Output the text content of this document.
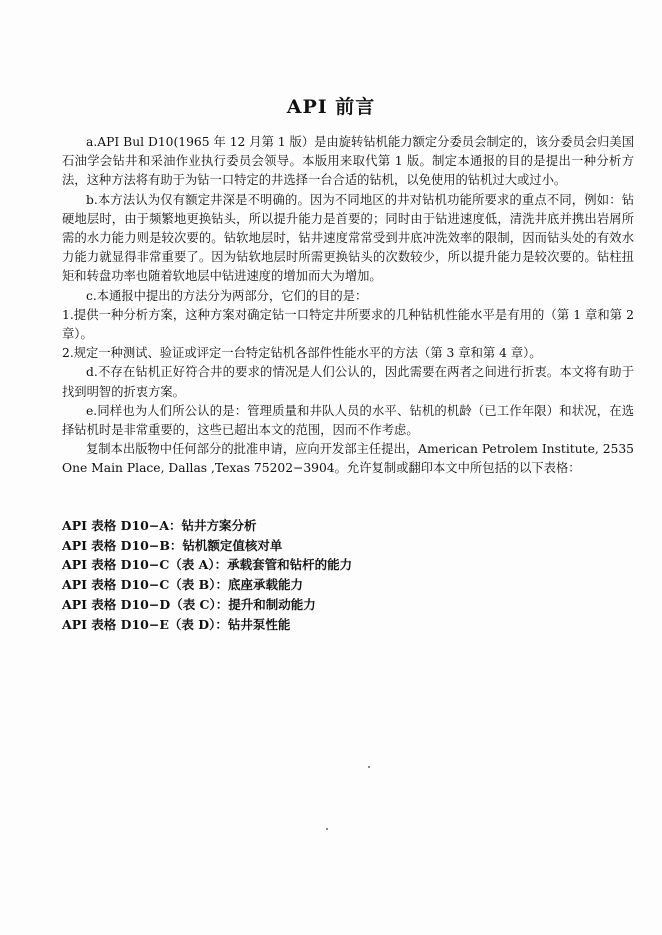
API 前言

a.API Bul D10(1965 年 12 月第 1 版）是由旋转钻机能力额定分委员会制定的，该分委员会归美国石油学会钻井和采油作业执行委员会领导。本版用来取代第 1 版。制定本通报的目的是提出一种分析方法，这种方法将有助于为钻一口特定的井选择一台合适的钻机，以免使用的钻机过大或过小。

b.本方法认为仅有额定井深是不明确的。因为不同地区的井对钻机功能所要求的重点不同，例如：钻硬地层时，由于频繁地更换钻头，所以提升能力是首要的；同时由于钻进速度低，清洗井底并携出岩屑所需的水力能力则是较次要的。钻软地层时，钻井速度常常受到井底冲洗效率的限制，因而钻头处的有效水力能力就显得非常重要了。因为钻软地层时所需更换钻头的次数较少，所以提升能力是较次要的。钻柱扭矩和转盘功率也随着软地层中钻进速度的增加而大为增加。

c.本通报中提出的方法分为两部分，它们的目的是：

1.提供一种分析方案，这种方案对确定钻一口特定井所要求的几种钻机性能水平是有用的（第 1 章和第 2 章）。

2.规定一种测试、验证或评定一台特定钻机各部件性能水平的方法（第 3 章和第 4 章）。

d.不存在钻机正好符合井的要求的情况是人们公认的，因此需要在两者之间进行折衷。本文将有助于找到明智的折衷方案。

e.同样也为人们所公认的是：管理质量和井队人员的水平、钻机的机龄（已工作年限）和状况，在选择钻机时是非常重要的，这些已超出本文的范围，因而不作考虑。

复制本出版物中任何部分的批准申请，应向开发部主任提出，American Petrolem Institute, 2535 One Main Place, Dallas ,Texas 75202−3904。允许复制或翻印本文中所包括的以下表格：

API 表格 D10−A：钻井方案分析
API 表格 D10−B：钻机额定值核对单
API 表格 D10−C（表 A）：承载套管和钻杆的能力
API 表格 D10−C（表 B）：底座承载能力
API 表格 D10−D（表 C）：提升和制动能力
API 表格 D10−E（表 D）：钻井泵性能
